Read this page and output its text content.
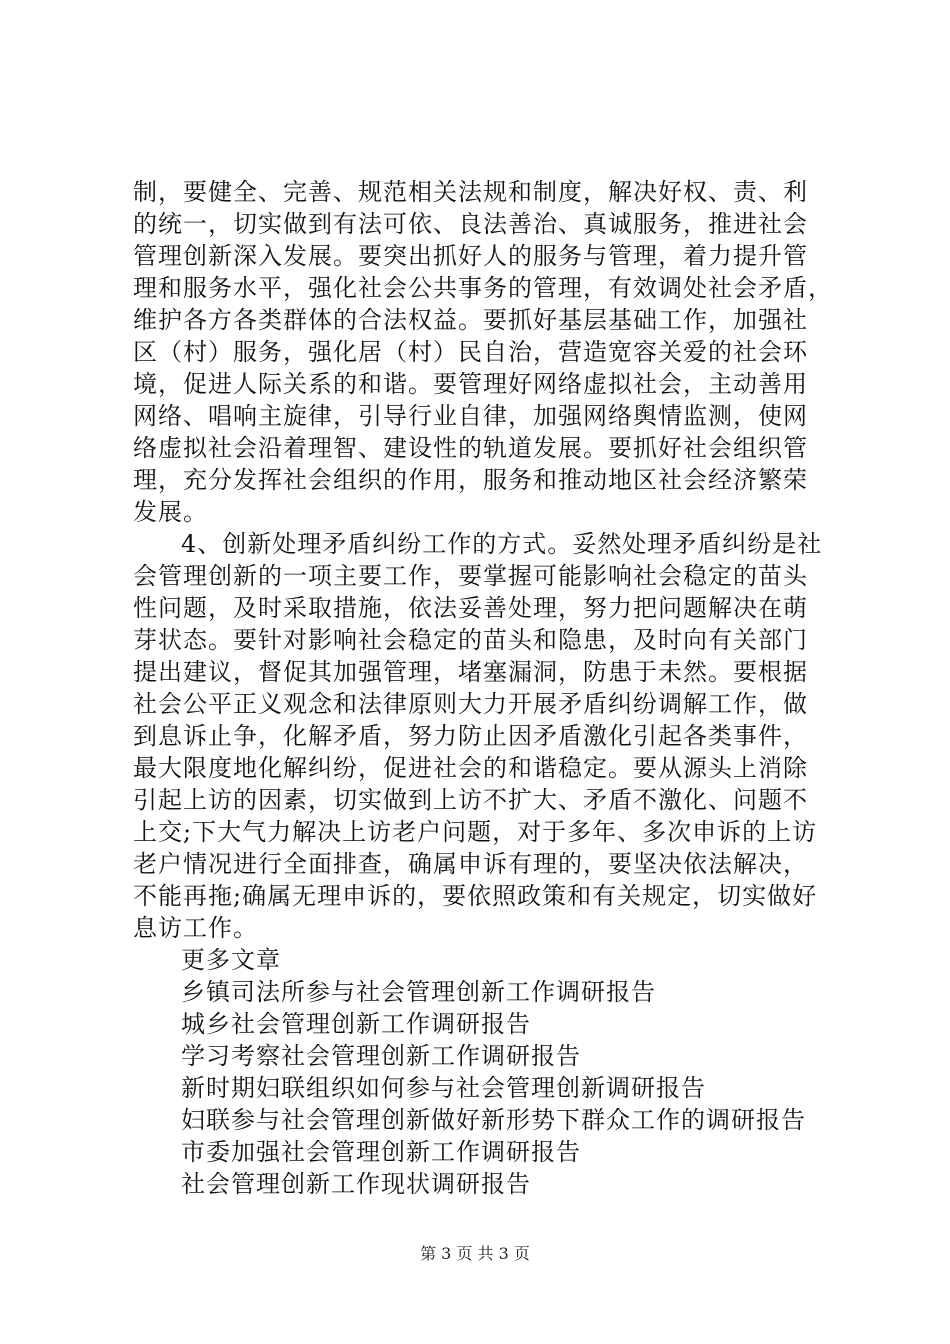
制，要健全、完善、规范相关法规和制度，解决好权、责、利
的统一，切实做到有法可依、良法善治、真诚服务，推进社会
管理创新深入发展。要突出抓好人的服务与管理，着力提升管
理和服务水平，强化社会公共事务的管理，有效调处社会矛盾，
维护各方各类群体的合法权益。要抓好基层基础工作，加强社
区（村）服务，强化居（村）民自治，营造宽容关爱的社会环
境，促进人际关系的和谐。要管理好网络虚拟社会，主动善用
网络、唱响主旋律，引导行业自律，加强网络舆情监测，使网
络虚拟社会沿着理智、建设性的轨道发展。要抓好社会组织管
理，充分发挥社会组织的作用，服务和推动地区社会经济繁荣
发展。
4、创新处理矛盾纠纷工作的方式。妥然处理矛盾纠纷是社
会管理创新的一项主要工作，要掌握可能影响社会稳定的苗头
性问题，及时采取措施，依法妥善处理，努力把问题解决在萌
芽状态。要针对影响社会稳定的苗头和隐患，及时向有关部门
提出建议，督促其加强管理，堵塞漏洞，防患于未然。要根据
社会公平正义观念和法律原则大力开展矛盾纠纷调解工作，做
到息诉止争，化解矛盾，努力防止因矛盾激化引起各类事件，
最大限度地化解纠纷，促进社会的和谐稳定。要从源头上消除
引起上访的因素，切实做到上访不扩大、矛盾不激化、问题不
上交;下大气力解决上访老户问题，对于多年、多次申诉的上访
老户情况进行全面排查，确属申诉有理的，要坚决依法解决，
不能再拖;确属无理申诉的，要依照政策和有关规定，切实做好
息访工作。
更多文章
乡镇司法所参与社会管理创新工作调研报告
城乡社会管理创新工作调研报告
学习考察社会管理创新工作调研报告
新时期妇联组织如何参与社会管理创新调研报告
妇联参与社会管理创新做好新形势下群众工作的调研报告
市委加强社会管理创新工作调研报告
社会管理创新工作现状调研报告
第 3 页 共 3 页
